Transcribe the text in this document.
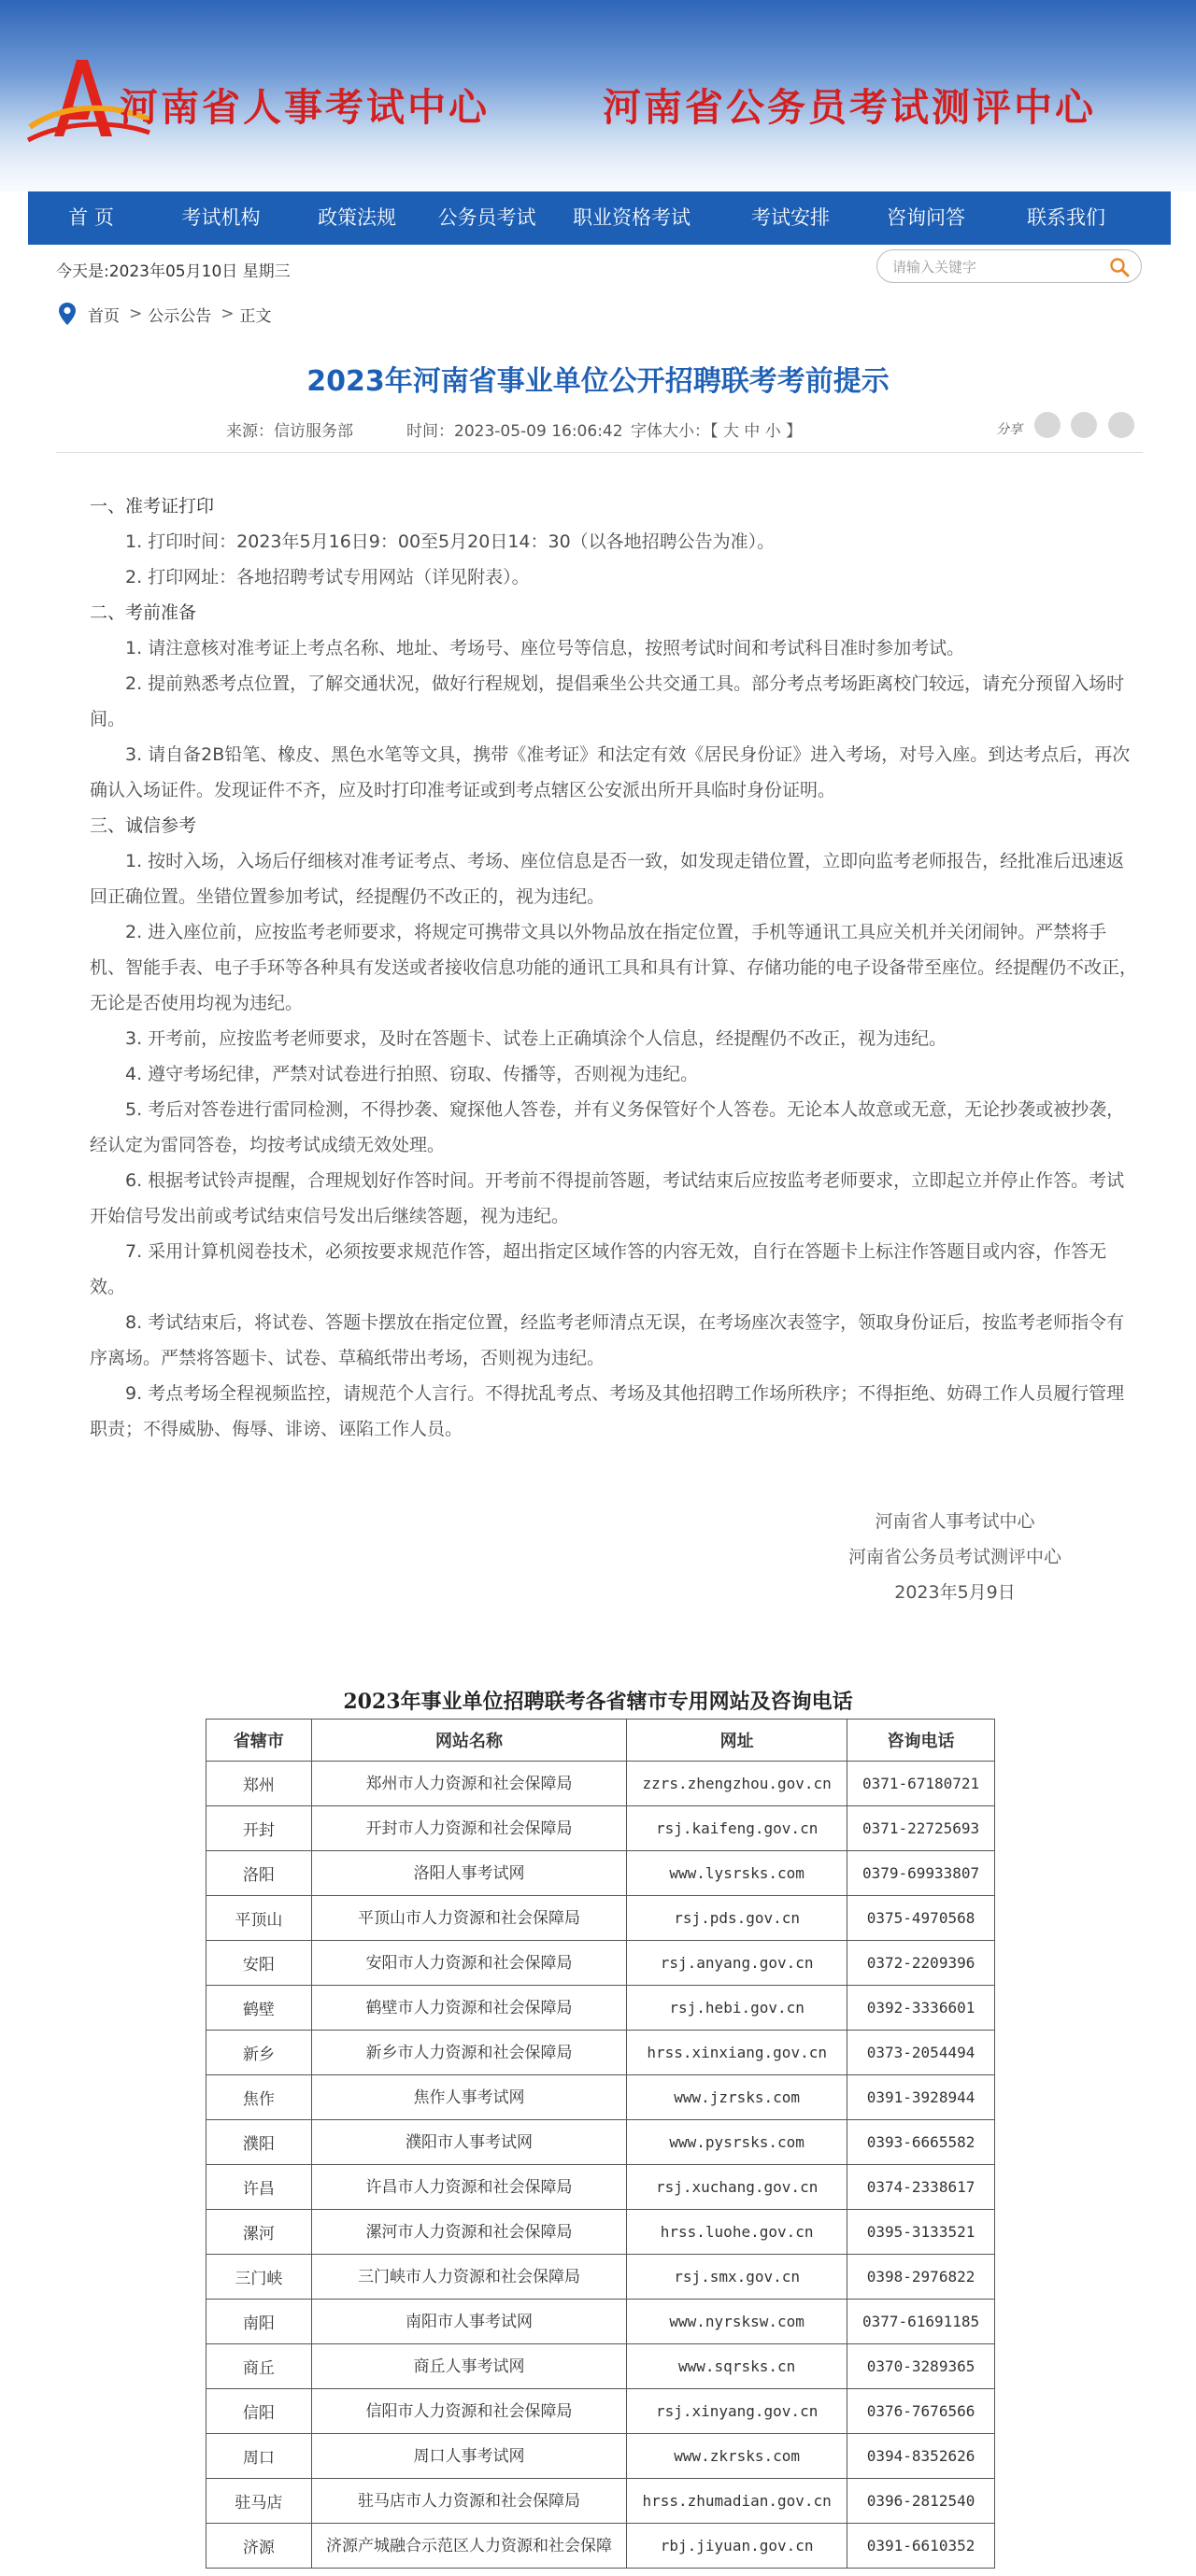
河南省人事考试中心	河南省公务员考试测评中心
首 页	考试机构	政策法规	公务员考试	职业资格考试	考试安排	咨询问答	联系我们
今天是:2023年05月10日 星期三
请输入关键字
首页 > 公示公告 > 正文
2023年河南省事业单位公开招聘联考考前提示
来源：信访服务部	时间：2023-05-09 16:06:42 字体大小：【 大 中 小 】	分享

一、准考证打印

1. 打印时间：2023年5月16日9：00至5月20日14：30（以各地招聘公告为准）。

2. 打印网址：各地招聘考试专用网站（详见附表）。

二、考前准备

1. 请注意核对准考证上考点名称、地址、考场号、座位号等信息，按照考试时间和考试科目准时参加考试。

2. 提前熟悉考点位置，了解交通状况，做好行程规划，提倡乘坐公共交通工具。部分考点考场距离校门较远，请充分预留入场时间。

3. 请自备2B铅笔、橡皮、黑色水笔等文具，携带《准考证》和法定有效《居民身份证》进入考场，对号入座。到达考点后，再次确认入场证件。发现证件不齐，应及时打印准考证或到考点辖区公安派出所开具临时身份证明。

三、诚信参考

1. 按时入场，入场后仔细核对准考证考点、考场、座位信息是否一致，如发现走错位置，立即向监考老师报告，经批准后迅速返回正确位置。坐错位置参加考试，经提醒仍不改正的，视为违纪。

2. 进入座位前，应按监考老师要求，将规定可携带文具以外物品放在指定位置，手机等通讯工具应关机并关闭闹钟。严禁将手机、智能手表、电子手环等各种具有发送或者接收信息功能的通讯工具和具有计算、存储功能的电子设备带至座位。经提醒仍不改正，无论是否使用均视为违纪。

3. 开考前，应按监考老师要求，及时在答题卡、试卷上正确填涂个人信息，经提醒仍不改正，视为违纪。

4. 遵守考场纪律，严禁对试卷进行拍照、窃取、传播等，否则视为违纪。

5. 考后对答卷进行雷同检测，不得抄袭、窥探他人答卷，并有义务保管好个人答卷。无论本人故意或无意，无论抄袭或被抄袭，经认定为雷同答卷，均按考试成绩无效处理。

6. 根据考试铃声提醒，合理规划好作答时间。开考前不得提前答题，考试结束后应按监考老师要求，立即起立并停止作答。考试开始信号发出前或考试结束信号发出后继续答题，视为违纪。

7. 采用计算机阅卷技术，必须按要求规范作答，超出指定区域作答的内容无效，自行在答题卡上标注作答题目或内容，作答无效。

8. 考试结束后，将试卷、答题卡摆放在指定位置，经监考老师清点无误，在考场座次表签字，领取身份证后，按监考老师指令有序离场。严禁将答题卡、试卷、草稿纸带出考场，否则视为违纪。

9. 考点考场全程视频监控，请规范个人言行。不得扰乱考点、考场及其他招聘工作场所秩序；不得拒绝、妨碍工作人员履行管理职责；不得威胁、侮辱、诽谤、诬陷工作人员。

河南省人事考试中心
河南省公务员考试测评中心
2023年5月9日
2023年事业单位招聘联考各省辖市专用网站及咨询电话
省辖市	网站名称	网址	咨询电话
郑州	郑州市人力资源和社会保障局	zzrs.zhengzhou.gov.cn	0371-67180721
开封	开封市人力资源和社会保障局	rsj.kaifeng.gov.cn	0371-22725693
洛阳	洛阳人事考试网	www.lysrsks.com	0379-69933807
平顶山	平顶山市人力资源和社会保障局	rsj.pds.gov.cn	0375-4970568
安阳	安阳市人力资源和社会保障局	rsj.anyang.gov.cn	0372-2209396
鹤壁	鹤壁市人力资源和社会保障局	rsj.hebi.gov.cn	0392-3336601
新乡	新乡市人力资源和社会保障局	hrss.xinxiang.gov.cn	0373-2054494
焦作	焦作人事考试网	www.jzrsks.com	0391-3928944
濮阳	濮阳市人事考试网	www.pysrsks.com	0393-6665582
许昌	许昌市人力资源和社会保障局	rsj.xuchang.gov.cn	0374-2338617
漯河	漯河市人力资源和社会保障局	hrss.luohe.gov.cn	0395-3133521
三门峡	三门峡市人力资源和社会保障局	rsj.smx.gov.cn	0398-2976822
南阳	南阳市人事考试网	www.nyrsksw.com	0377-61691185
商丘	商丘人事考试网	www.sqrsks.cn	0370-3289365
信阳	信阳市人力资源和社会保障局	rsj.xinyang.gov.cn	0376-7676566
周口	周口人事考试网	www.zkrsks.com	0394-8352626
驻马店	驻马店市人力资源和社会保障局	hrss.zhumadian.gov.cn	0396-2812540
济源	济源产城融合示范区人力资源和社会保障	rbj.jiyuan.gov.cn	0391-6610352
